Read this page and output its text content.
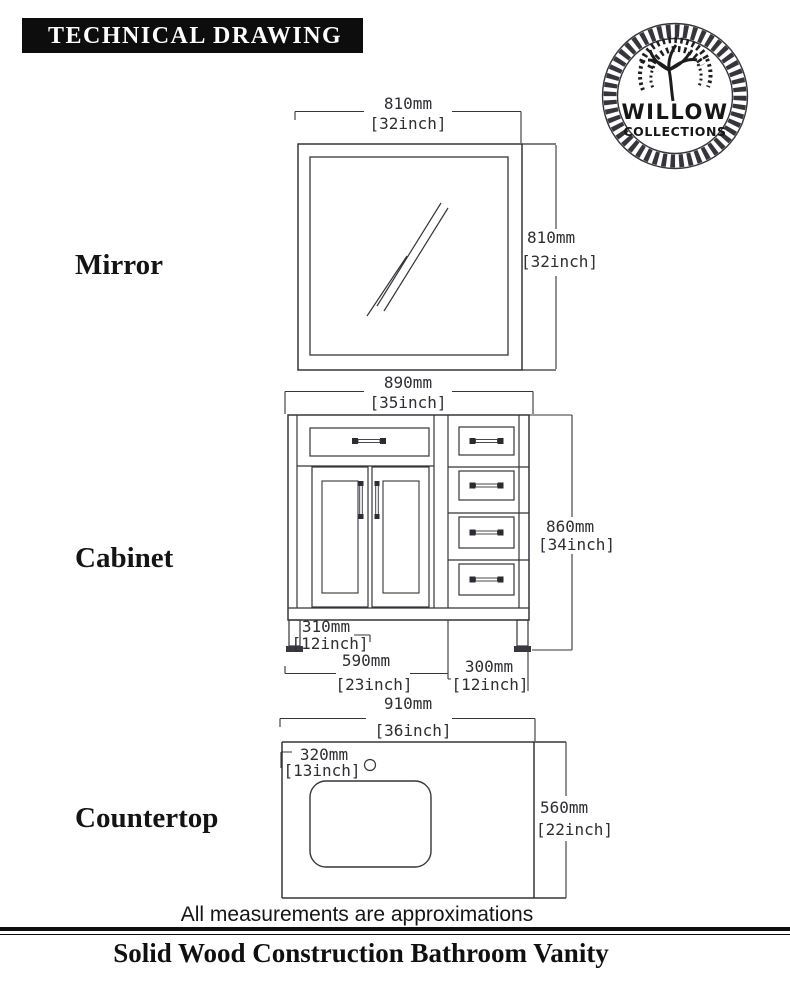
TECHNICAL DRAWING
Mirror
Cabinet
Countertop
WILLOW
COLLECTIONS
810mm
[32inch]
810mm
[32inch]
890mm
[35inch]
860mm
[34inch]
310mm
[12inch]
590mm
[23inch]
300mm
[12inch]
910mm
[36inch]
320mm
[13inch]
560mm
[22inch]
All measurements are approximations
Solid Wood Construction Bathroom Vanity
